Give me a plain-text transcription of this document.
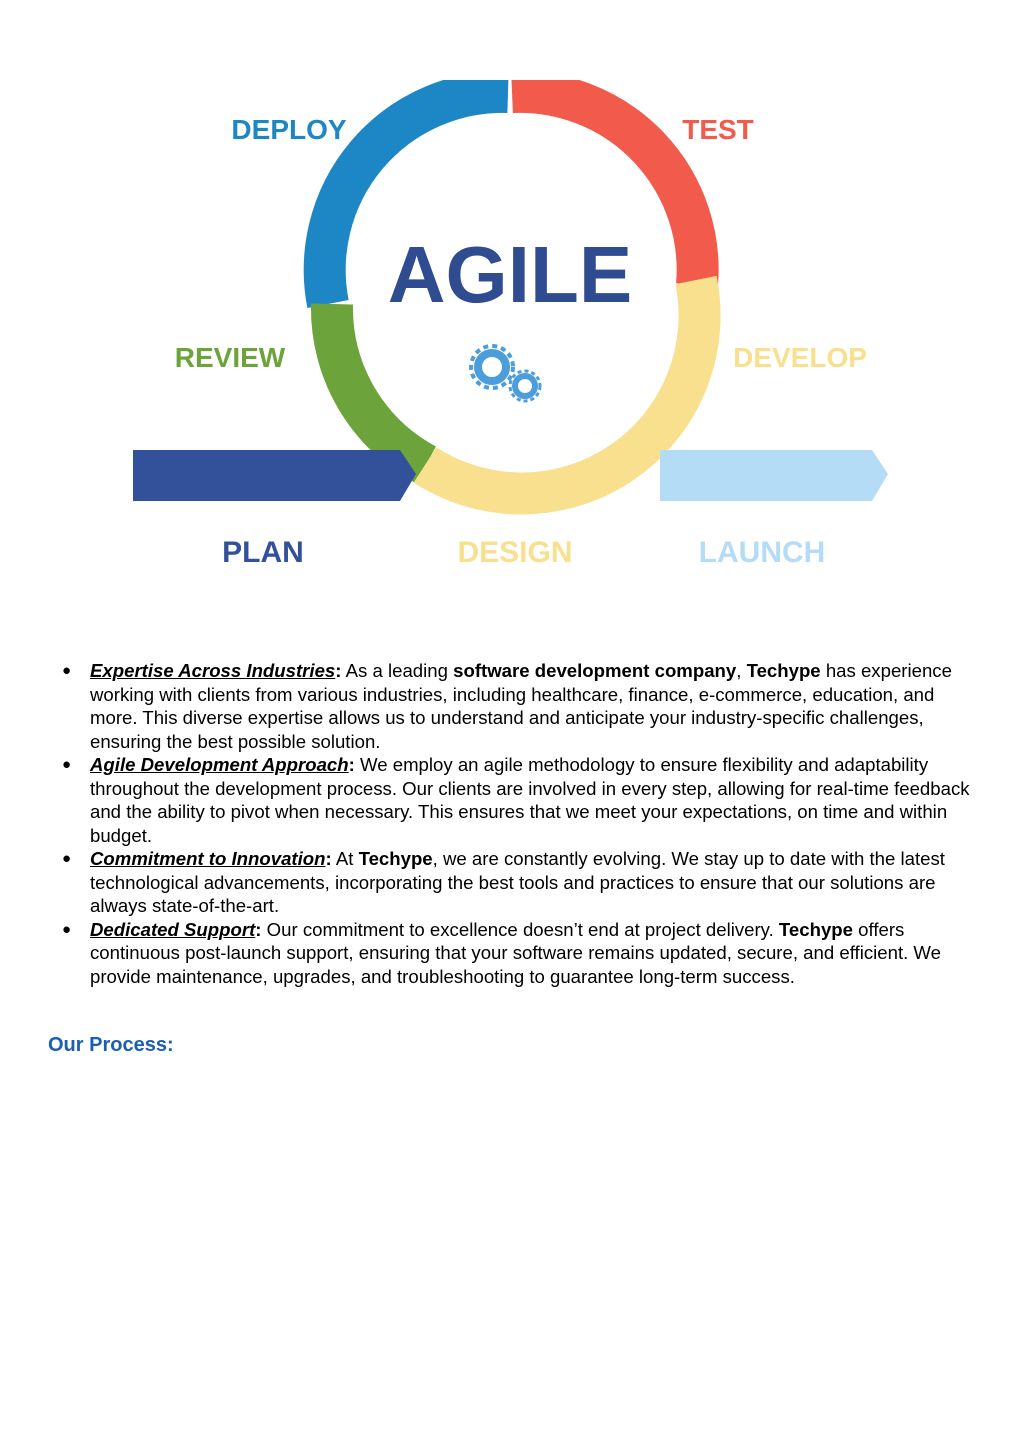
AGILE
DEPLOY	TEST
REVIEW	DEVELOP
PLAN	DESIGN	LAUNCH
● Expertise Across Industries: As a leading software development company, Techype has experience working with clients from various industries, including healthcare, finance, e-commerce, education, and more. This diverse expertise allows us to understand and anticipate your industry-specific challenges, ensuring the best possible solution.
● Agile Development Approach: We employ an agile methodology to ensure flexibility and adaptability throughout the development process. Our clients are involved in every step, allowing for real-time feedback and the ability to pivot when necessary. This ensures that we meet your expectations, on time and within budget.
● Commitment to Innovation: At Techype, we are constantly evolving. We stay up to date with the latest technological advancements, incorporating the best tools and practices to ensure that our solutions are always state-of-the-art.
● Dedicated Support: Our commitment to excellence doesn’t end at project delivery. Techype offers continuous post-launch support, ensuring that your software remains updated, secure, and efficient. We provide maintenance, upgrades, and troubleshooting to guarantee long-term success.
Our Process:
